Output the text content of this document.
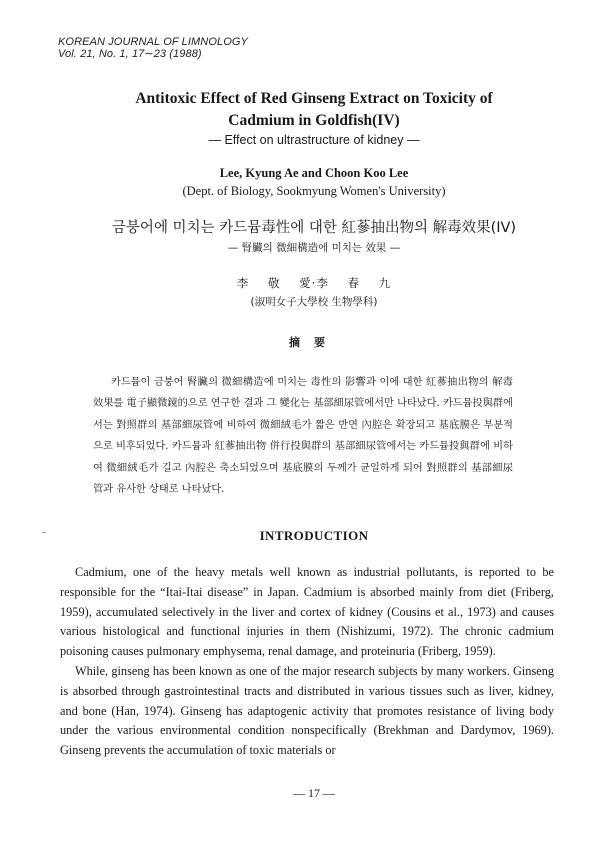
KOREAN JOURNAL OF LIMNOLOGY
Vol. 21, No. 1, 17∼23 (1988)
Antitoxic Effect of Red Ginseng Extract on Toxicity of
Cadmium in Goldfish(IV)
— Effect on ultrastructure of kidney —
Lee, Kyung Ae and Choon Koo Lee
(Dept. of Biology, Sookmyung Women's University)
금붕어에 미치는 카드뮴毒性에 대한 紅蔘抽出物의 解毒效果(IV)
— 腎臟의 微細構造에 미치는 效果 —
李 敬 愛·李 春 九
(淑明女子大學校 生物學科)
摘要
카드뮴이 금붕어 腎臟의 微細構造에 미치는 毒性의 影響과 이에 대한 紅蔘抽出物의 解毒效果를 電子顯微鏡的으로 연구한 결과 그 變化는 基部細尿管에서만 나타났다. 카드뮴投與群에서는 對照群의 基部細尿管에 비하여 微細絨毛가 짧은 반면 內腔은 확장되고 基底膜은 부분적으로 비후되었다. 카드뮴과 紅蔘抽出物 併行投與群의 基部細尿管에서는 카드뮴投與群에 비하여 微細絨毛가 길고 內腔은 축소되었으며 基底膜의 두께가 균일하게 되어 對照群의 基部細尿管과 유사한 상태로 나타났다.
INTRODUCTION

Cadmium, one of the heavy metals well known as industrial pollutants, is reported to be responsible for the “Itai-Itai disease” in Japan. Cadmium is absorbed mainly from diet (Friberg, 1959), accumulated selectively in the liver and cortex of kidney (Cousins et al., 1973) and causes various histological and functional injuries in them (Nishizumi, 1972). The chronic cadmium poisoning causes pulmonary emphysema, renal damage, and proteinuria (Friberg, 1959).

While, ginseng has been known as one of the major research subjects by many workers. Ginseng is absorbed through gastrointestinal tracts and distributed in various tissues such as liver, kidney, and bone (Han, 1974). Ginseng has adaptogenic activity that promotes resistance of living body under the various environmental condition nonspecifically (Brekhman and Dardymov, 1969). Ginseng prevents the accumulation of toxic materials or

— 17 —
